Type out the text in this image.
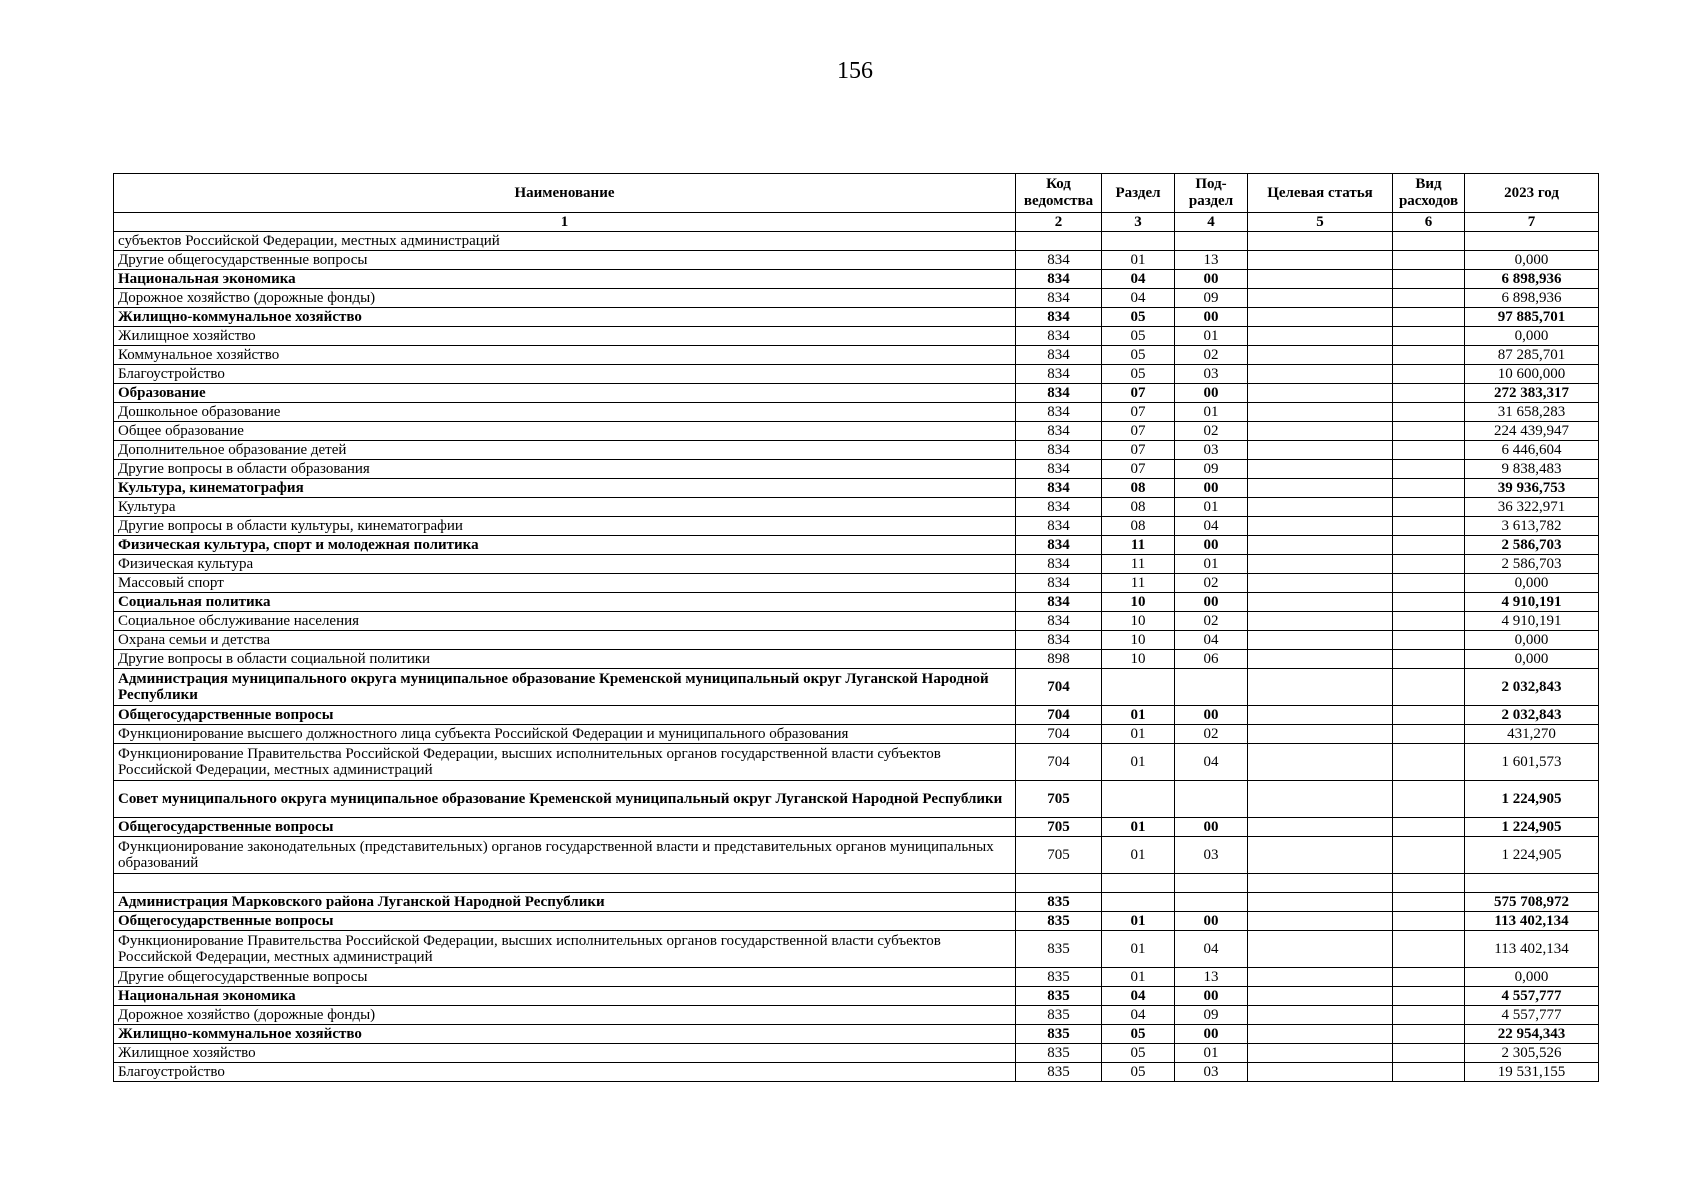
156
Наименование	Код ведомства	Раздел	Под-раздел	Целевая статья	Вид расходов	2023 год
1	2	3	4	5	6	7
субъектов Российской Федерации, местных администраций						
Другие общегосударственные вопросы	834	01	13			0,000
Национальная экономика	834	04	00			6 898,936
Дорожное хозяйство (дорожные фонды)	834	04	09			6 898,936
Жилищно-коммунальное хозяйство	834	05	00			97 885,701
Жилищное хозяйство	834	05	01			0,000
Коммунальное хозяйство	834	05	02			87 285,701
Благоустройство	834	05	03			10 600,000
Образование	834	07	00			272 383,317
Дошкольное образование	834	07	01			31 658,283
Общее образование	834	07	02			224 439,947
Дополнительное образование детей	834	07	03			6 446,604
Другие вопросы в области образования	834	07	09			9 838,483
Культура, кинематография	834	08	00			39 936,753
Культура	834	08	01			36 322,971
Другие вопросы в области культуры, кинематографии	834	08	04			3 613,782
Физическая культура, спорт и молодежная политика	834	11	00			2 586,703
Физическая культура	834	11	01			2 586,703
Массовый спорт	834	11	02			0,000
Социальная политика	834	10	00			4 910,191
Социальное обслуживание населения	834	10	02			4 910,191
Охрана семьи и детства	834	10	04			0,000
Другие вопросы в области социальной политики	898	10	06			0,000
Администрация муниципального округа муниципальное образование Кременской муниципальный округ Луганской Народной Республики	704					2 032,843
Общегосударственные вопросы	704	01	00			2 032,843
Функционирование высшего должностного лица субъекта Российской Федерации и муниципального образования	704	01	02			431,270
Функционирование Правительства Российской Федерации, высших исполнительных органов государственной власти субъектов Российской Федерации, местных администраций	704	01	04			1 601,573
Совет муниципального округа муниципальное образование Кременской муниципальный округ Луганской Народной Республики	705					1 224,905
Общегосударственные вопросы	705	01	00			1 224,905
Функционирование законодательных (представительных) органов государственной власти и представительных органов муниципальных образований	705	01	03			1 224,905

Администрация Марковского района Луганской Народной Республики	835					575 708,972
Общегосударственные вопросы	835	01	00			113 402,134
Функционирование Правительства Российской Федерации, высших исполнительных органов государственной власти субъектов Российской Федерации, местных администраций	835	01	04			113 402,134
Другие общегосударственные вопросы	835	01	13			0,000
Национальная экономика	835	04	00			4 557,777
Дорожное хозяйство (дорожные фонды)	835	04	09			4 557,777
Жилищно-коммунальное хозяйство	835	05	00			22 954,343
Жилищное хозяйство	835	05	01			2 305,526
Благоустройство	835	05	03			19 531,155
